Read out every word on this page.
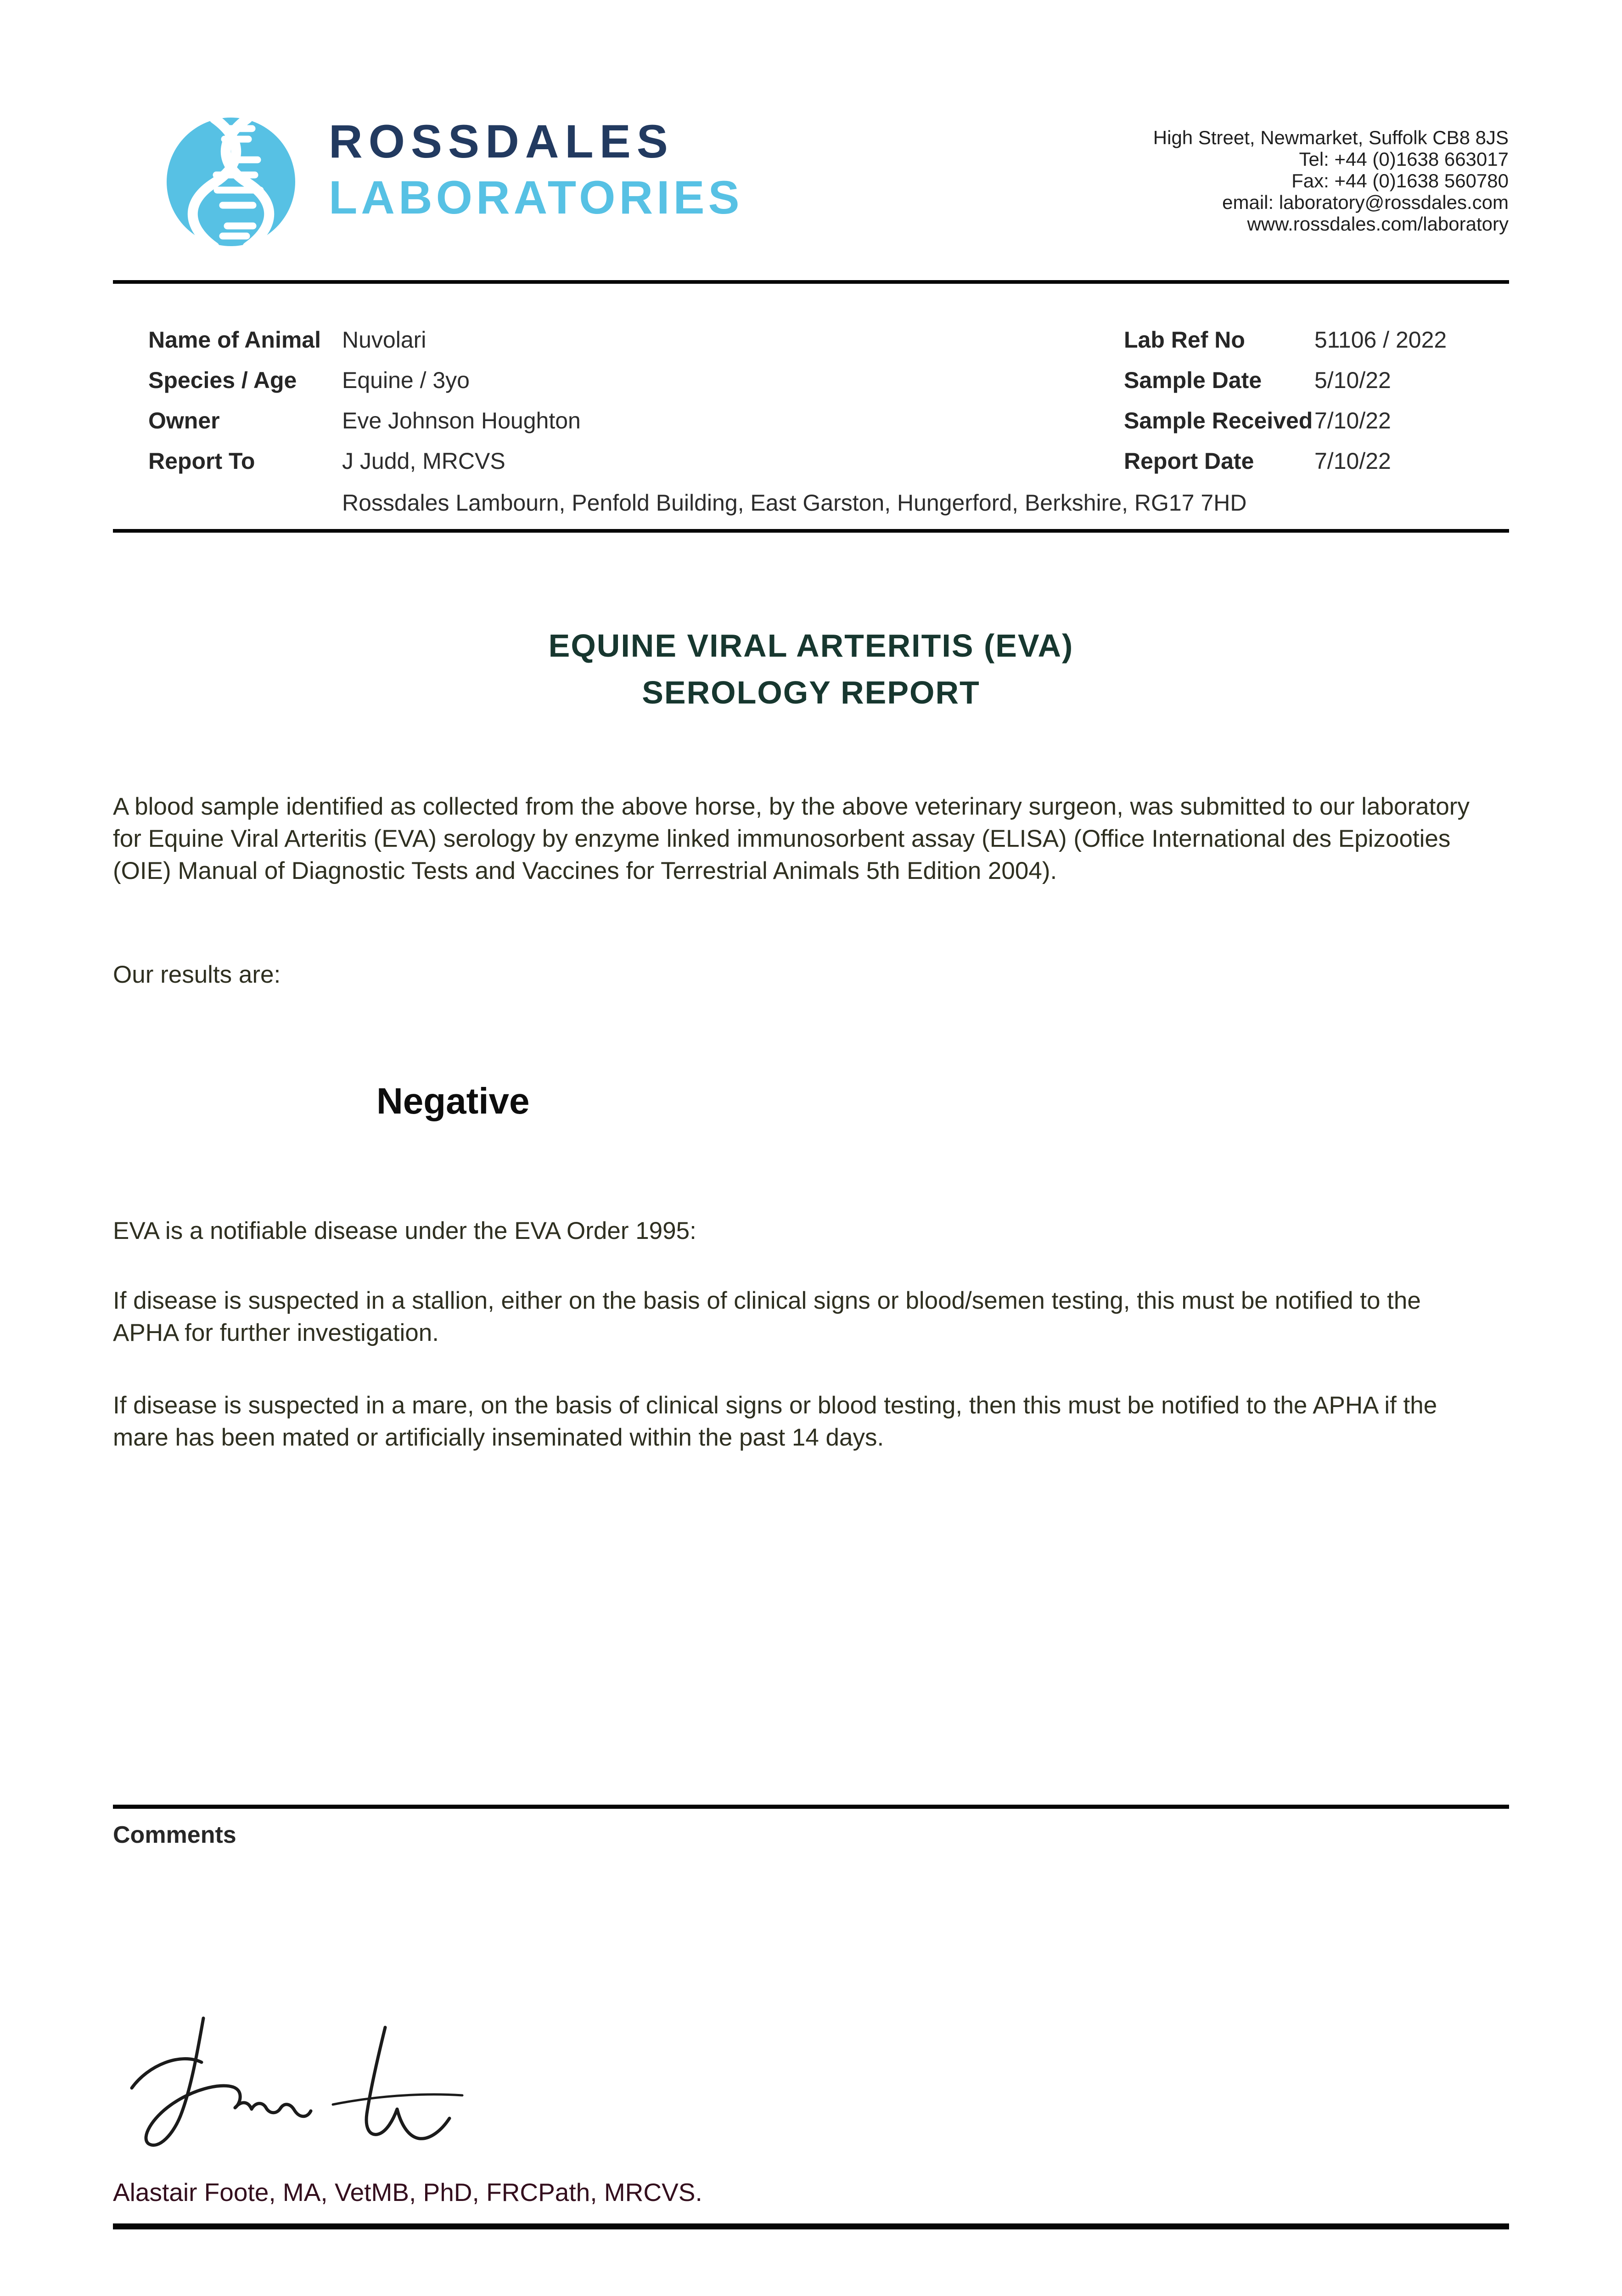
ROSSDALES
LABORATORIES
High Street, Newmarket, Suffolk CB8 8JS
Tel: +44 (0)1638 663017
Fax: +44 (0)1638 560780
email: laboratory@rossdales.com
www.rossdales.com/laboratory
Name of Animal Nuvolari
Species / Age	Equine / 3yo
Owner	Eve Johnson Houghton
Report To	J Judd, MRCVS
Lab Ref No	51106 / 2022
Sample Date	5/10/22
Sample Received 7/10/22
Report Date	7/10/22
Rossdales Lambourn, Penfold Building, East Garston, Hungerford, Berkshire, RG17 7HD
EQUINE VIRAL ARTERITIS (EVA)
SEROLOGY REPORT
A blood sample identified as collected from the above horse, by the above veterinary surgeon, was submitted to our laboratory for Equine Viral Arteritis (EVA) serology by enzyme linked immunosorbent assay (ELISA) (Office International des Epizooties (OIE) Manual of Diagnostic Tests and Vaccines for Terrestrial Animals 5th Edition 2004).
Our results are:
Negative
EVA is a notifiable disease under the EVA Order 1995:
If disease is suspected in a stallion, either on the basis of clinical signs or blood/semen testing, this must be notified to the APHA for further investigation.
If disease is suspected in a mare, on the basis of clinical signs or blood testing, then this must be notified to the APHA if the mare has been mated or artificially inseminated within the past 14 days.
Comments
Alastair Foote, MA, VetMB, PhD, FRCPath, MRCVS.
